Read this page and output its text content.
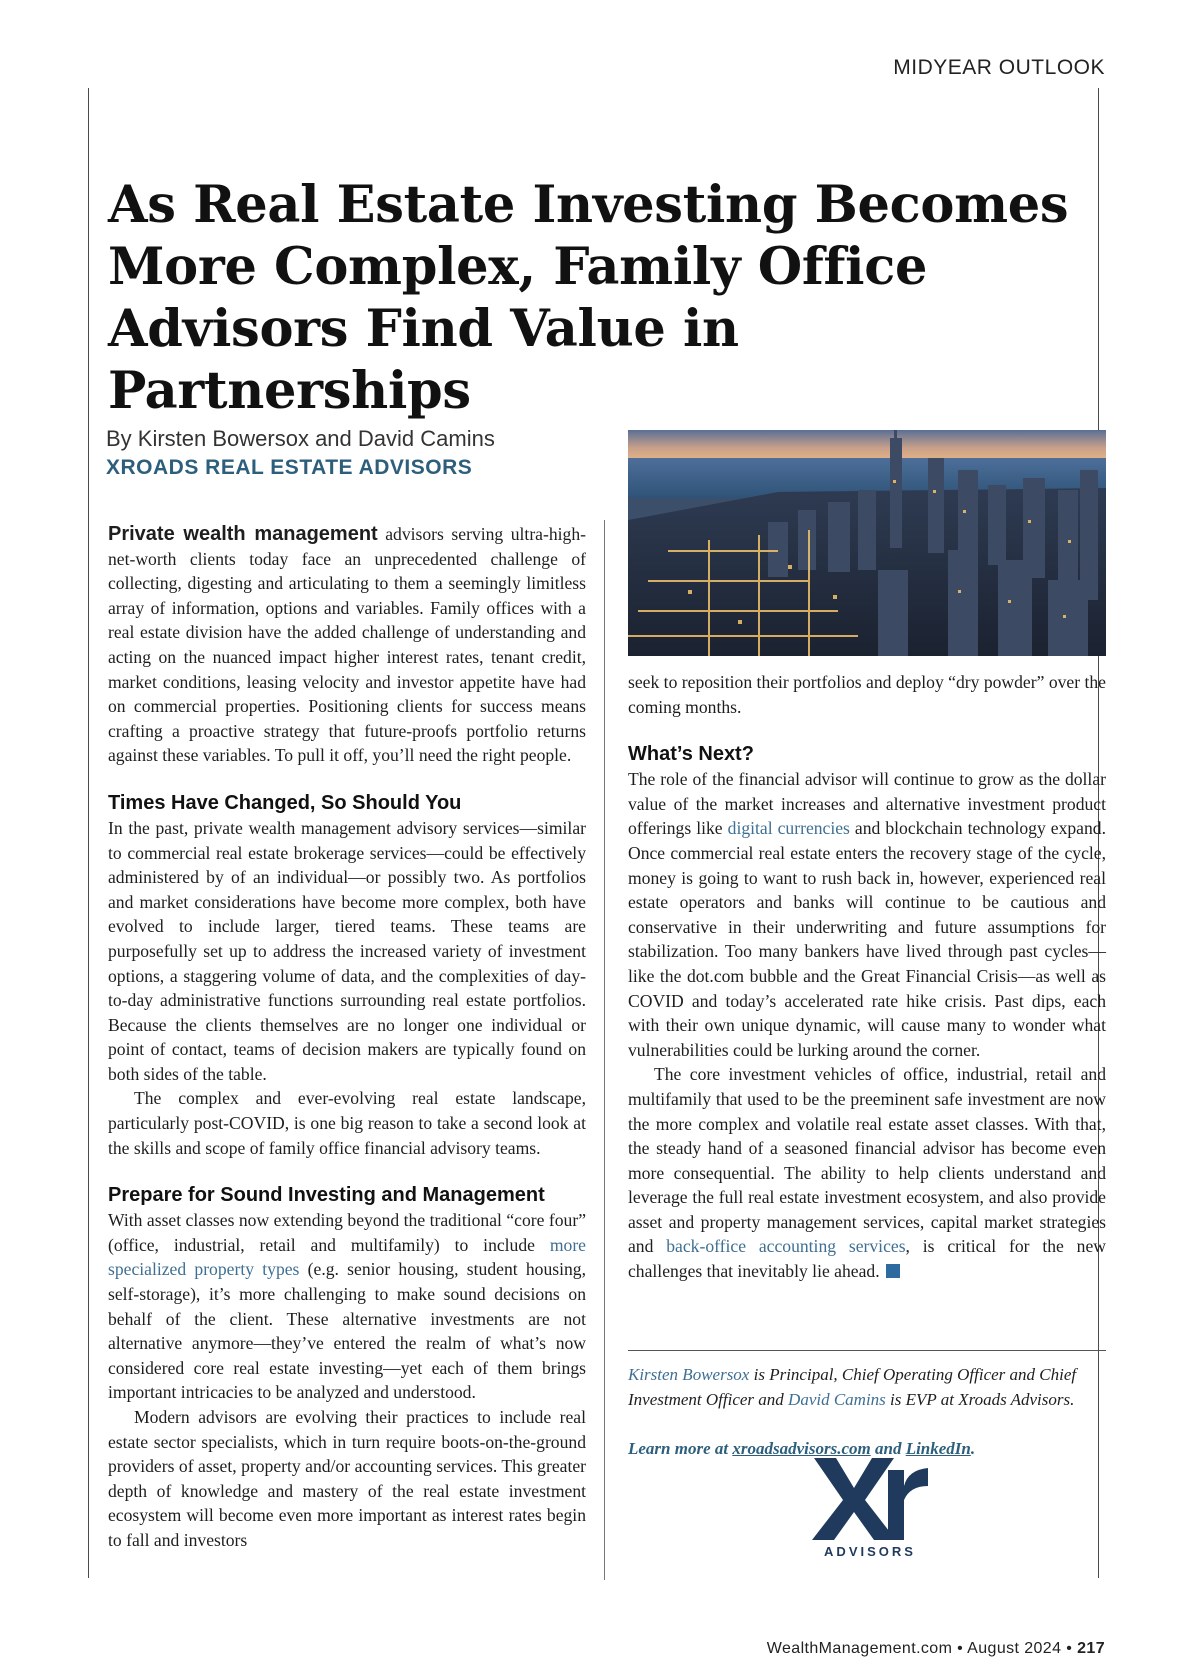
MIDYEAR OUTLOOK
As Real Estate Investing Becomes More Complex, Family Office Advisors Find Value in Partnerships
By Kirsten Bowersox and David Camins
XROADS REAL ESTATE ADVISORS

Private wealth management advisors serving ultra-high-net-worth clients today face an unprecedented challenge of collecting, digesting and articulating to them a seemingly limitless array of information, options and variables. Family offices with a real estate division have the added challenge of understanding and acting on the nuanced impact higher interest rates, tenant credit, market conditions, leasing velocity and investor appetite have had on commercial properties. Positioning clients for success means crafting a proactive strategy that future-proofs portfolio returns against these variables. To pull it off, you’ll need the right people.

Times Have Changed, So Should You

In the past, private wealth management advisory services—similar to commercial real estate brokerage services—could be effectively administered by of an individual—or possibly two. As portfolios and market considerations have become more complex, both have evolved to include larger, tiered teams. These teams are purposefully set up to address the increased variety of investment options, a staggering volume of data, and the complexities of day-to-day administrative functions surrounding real estate portfolios. Because the clients themselves are no longer one individual or point of contact, teams of decision makers are typically found on both sides of the table.

The complex and ever-evolving real estate landscape, particularly post-COVID, is one big reason to take a second look at the skills and scope of family office financial advisory teams.

Prepare for Sound Investing and Management

With asset classes now extending beyond the traditional “core four” (office, industrial, retail and multifamily) to include more specialized property types (e.g. senior housing, student housing, self-storage), it’s more challenging to make sound decisions on behalf of the client. These alternative investments are not alternative anymore—they’ve entered the realm of what’s now considered core real estate investing—yet each of them brings important intricacies to be analyzed and understood.

Modern advisors are evolving their practices to include real estate sector specialists, which in turn require boots-on-the-ground providers of asset, property and/or accounting services. This greater depth of knowledge and mastery of the real estate investment ecosystem will become even more important as interest rates begin to fall and investors

seek to reposition their portfolios and deploy “dry powder” over the coming months.

What’s Next?

The role of the financial advisor will continue to grow as the dollar value of the market increases and alternative investment product offerings like digital currencies and blockchain technology expand. Once commercial real estate enters the recovery stage of the cycle, money is going to want to rush back in, however, experienced real estate operators and banks will continue to be cautious and conservative in their underwriting and future assumptions for stabilization. Too many bankers have lived through past cycles—like the dot.com bubble and the Great Financial Crisis—as well as COVID and today’s accelerated rate hike crisis. Past dips, each with their own unique dynamic, will cause many to wonder what vulnerabilities could be lurking around the corner.

The core investment vehicles of office, industrial, retail and multifamily that used to be the preeminent safe investment are now the more complex and volatile real estate asset classes. With that, the steady hand of a seasoned financial advisor has become even more consequential. The ability to help clients understand and leverage the full real estate investment ecosystem, and also provide asset and property management services, capital market strategies and back-office accounting services, is critical for the new challenges that inevitably lie ahead.

Kirsten Bowersox is Principal, Chief Operating Officer and Chief Investment Officer and David Camins is EVP at Xroads Advisors.

Learn more at xroadsadvisors.com and LinkedIn.

ADVISORS
WealthManagement.com • August 2024 • 217
